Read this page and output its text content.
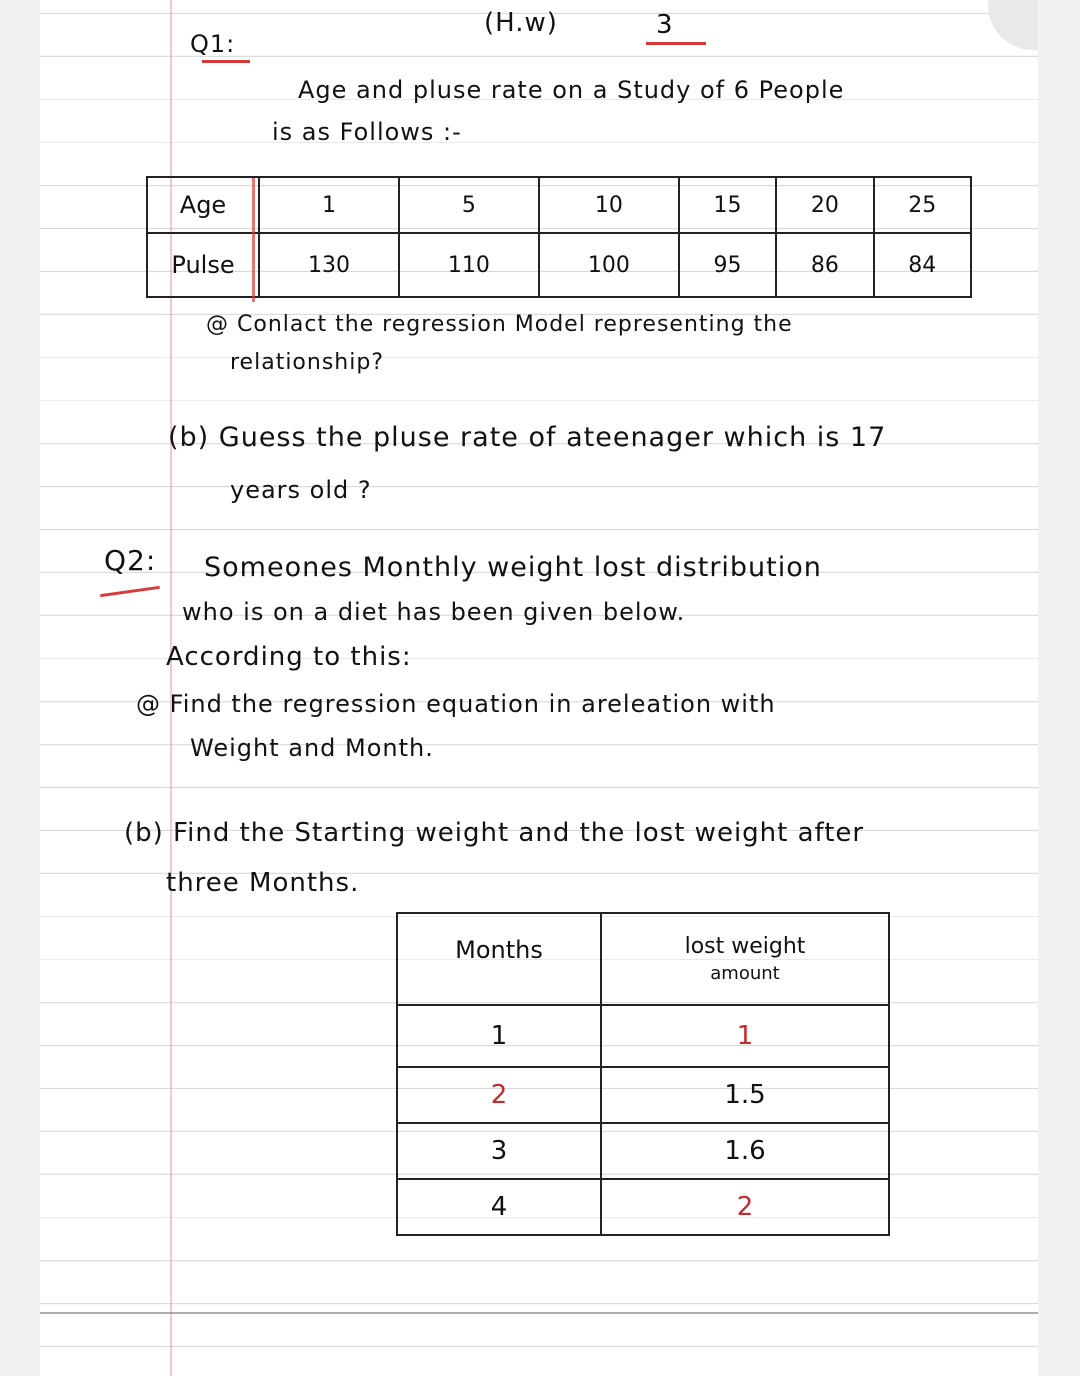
Q1:
(H.w)	3
Age and pluse rate on a Study of 6 People
is as Follows :-
Age	1	5	10	15	20	25
Pulse	130	110	100	95	86	84
@ Conlact the regression Model representing the
relationship?
(b) Guess the pluse rate of ateenager which is 17
years old ?
Q2: Someones Monthly weight lost distribution
who is on a diet has been given below.
According to this:
@ Find the regression equation in areleation with
Weight and Month.
(b) Find the Starting weight and the lost weight after
three Months.
Months	lost weight
amount

1	1
2	1.5
3	1.6
4	2
